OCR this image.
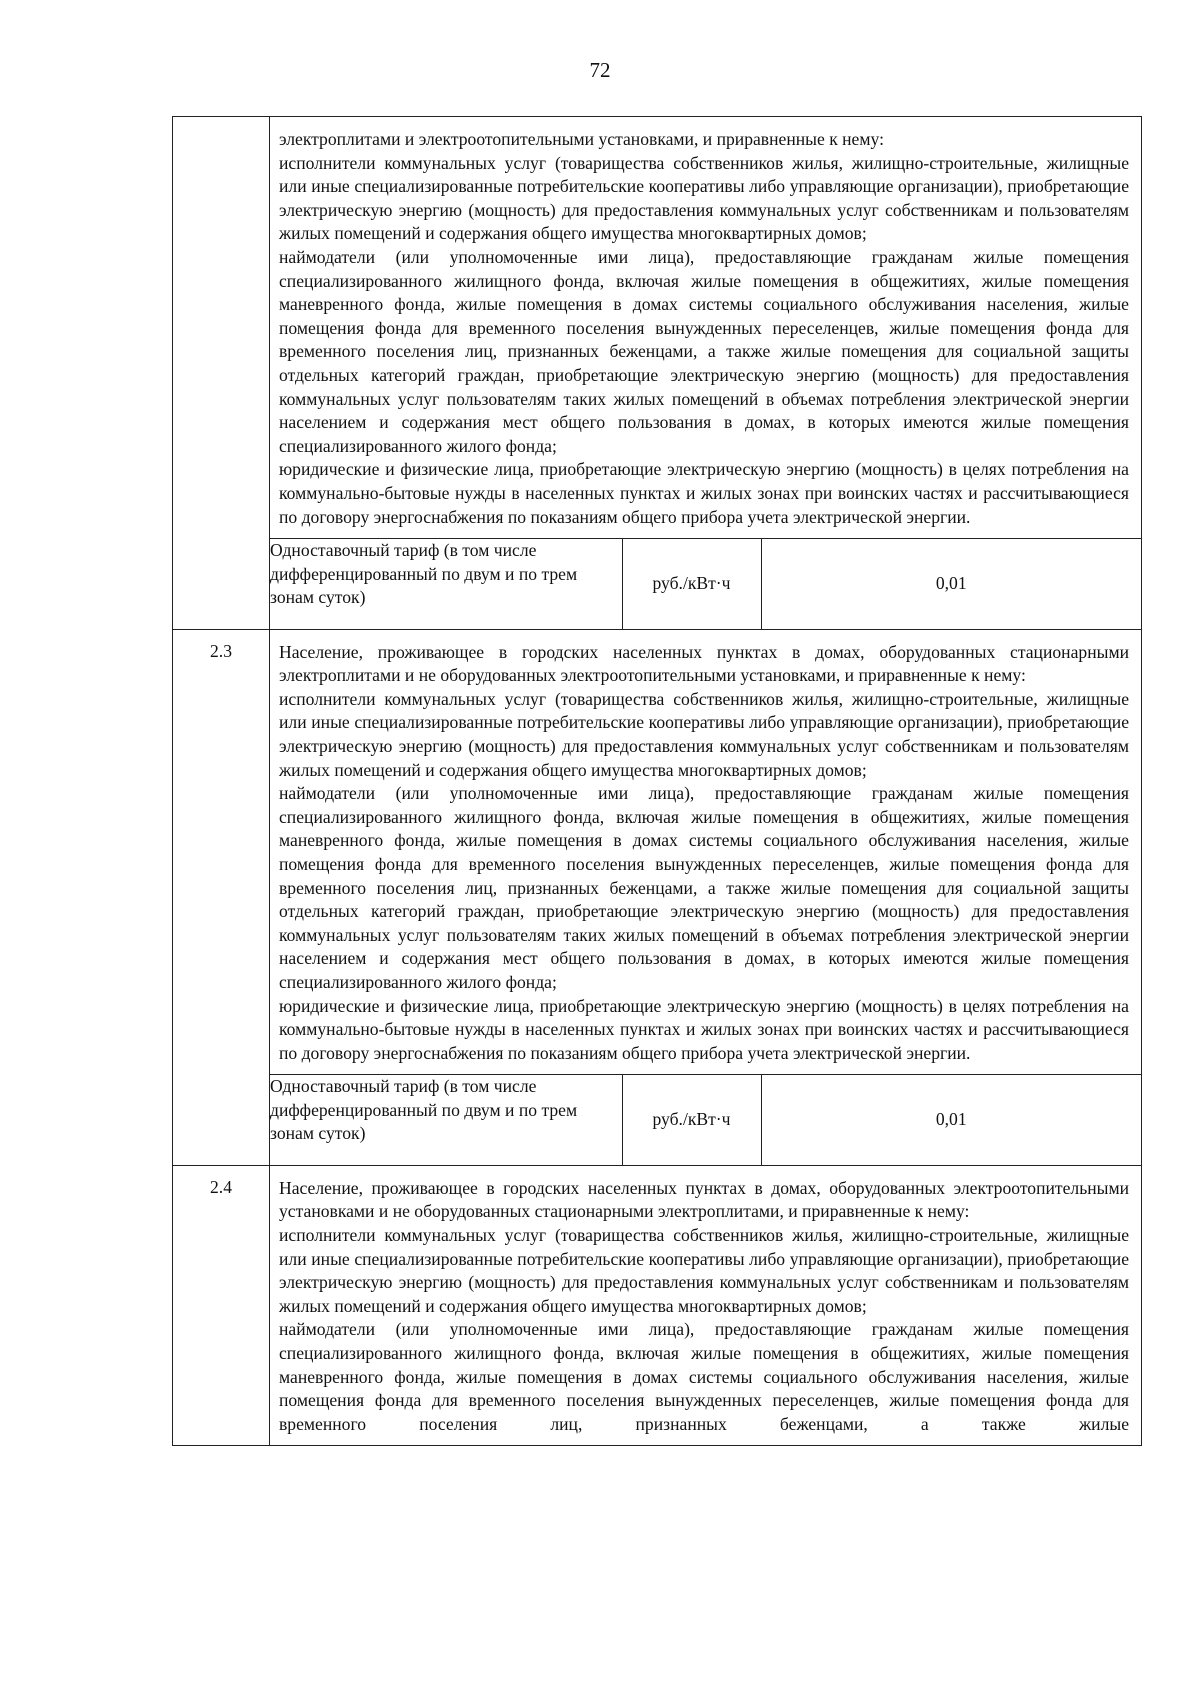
72

электроплитами и электроотопительными установками, и приравненные к нему:

исполнители коммунальных услуг (товарищества собственников жилья, жилищно-строительные, жилищные или иные специализированные потребительские кооперативы либо управляющие организации), приобретающие электрическую энергию (мощность) для предоставления коммунальных услуг собственникам и пользователям жилых помещений и содержания общего имущества многоквартирных домов;

наймодатели (или уполномоченные ими лица), предоставляющие гражданам жилые помещения специализированного жилищного фонда, включая жилые помещения в общежитиях, жилые помещения маневренного фонда, жилые помещения в домах системы социального обслуживания населения, жилые помещения фонда для временного поселения вынужденных переселенцев, жилые помещения фонда для временного поселения лиц, признанных беженцами, а также жилые помещения для социальной защиты отдельных категорий граждан, приобретающие электрическую энергию (мощность) для предоставления коммунальных услуг пользователям таких жилых помещений в объемах потребления электрической энергии населением и содержания мест общего пользования в домах, в которых имеются жилые помещения специализированного жилого фонда;

юридические и физические лица, приобретающие электрическую энергию (мощность) в целях потребления на коммунально-бытовые нужды в населенных пунктах и жилых зонах при воинских частях и рассчитывающиеся по договору энергоснабжения по показаниям общего прибора учета электрической энергии.

Одноставочный тариф (в том числе дифференцированный по двум и по трем зонам суток)	руб./кВт·ч	0,01

2.3	Население, проживающее в городских населенных пунктах в домах, оборудованных стационарными электроплитами и не оборудованных электроотопительными установками, и приравненные к нему:

исполнители коммунальных услуг (товарищества собственников жилья, жилищно-строительные, жилищные или иные специализированные потребительские кооперативы либо управляющие организации), приобретающие электрическую энергию (мощность) для предоставления коммунальных услуг собственникам и пользователям жилых помещений и содержания общего имущества многоквартирных домов;

наймодатели (или уполномоченные ими лица), предоставляющие гражданам жилые помещения специализированного жилищного фонда, включая жилые помещения в общежитиях, жилые помещения маневренного фонда, жилые помещения в домах системы социального обслуживания населения, жилые помещения фонда для временного поселения вынужденных переселенцев, жилые помещения фонда для временного поселения лиц, признанных беженцами, а также жилые помещения для социальной защиты отдельных категорий граждан, приобретающие электрическую энергию (мощность) для предоставления коммунальных услуг пользователям таких жилых помещений в объемах потребления электрической энергии населением и содержания мест общего пользования в домах, в которых имеются жилые помещения специализированного жилого фонда;

юридические и физические лица, приобретающие электрическую энергию (мощность) в целях потребления на коммунально-бытовые нужды в населенных пунктах и жилых зонах при воинских частях и рассчитывающиеся по договору энергоснабжения по показаниям общего прибора учета электрической энергии.

Одноставочный тариф (в том числе дифференцированный по двум и по трем зонам суток)	руб./кВт·ч	0,01

2.4	Население, проживающее в городских населенных пунктах в домах, оборудованных электроотопительными установками и не оборудованных стационарными электроплитами, и приравненные к нему:

исполнители коммунальных услуг (товарищества собственников жилья, жилищно-строительные, жилищные или иные специализированные потребительские кооперативы либо управляющие организации), приобретающие электрическую энергию (мощность) для предоставления коммунальных услуг собственникам и пользователям жилых помещений и содержания общего имущества многоквартирных домов;

наймодатели (или уполномоченные ими лица), предоставляющие гражданам жилые помещения специализированного жилищного фонда, включая жилые помещения в общежитиях, жилые помещения маневренного фонда, жилые помещения в домах системы социального обслуживания населения, жилые помещения фонда для временного поселения вынужденных переселенцев, жилые помещения фонда для временного поселения лиц, признанных беженцами, а также жилые
